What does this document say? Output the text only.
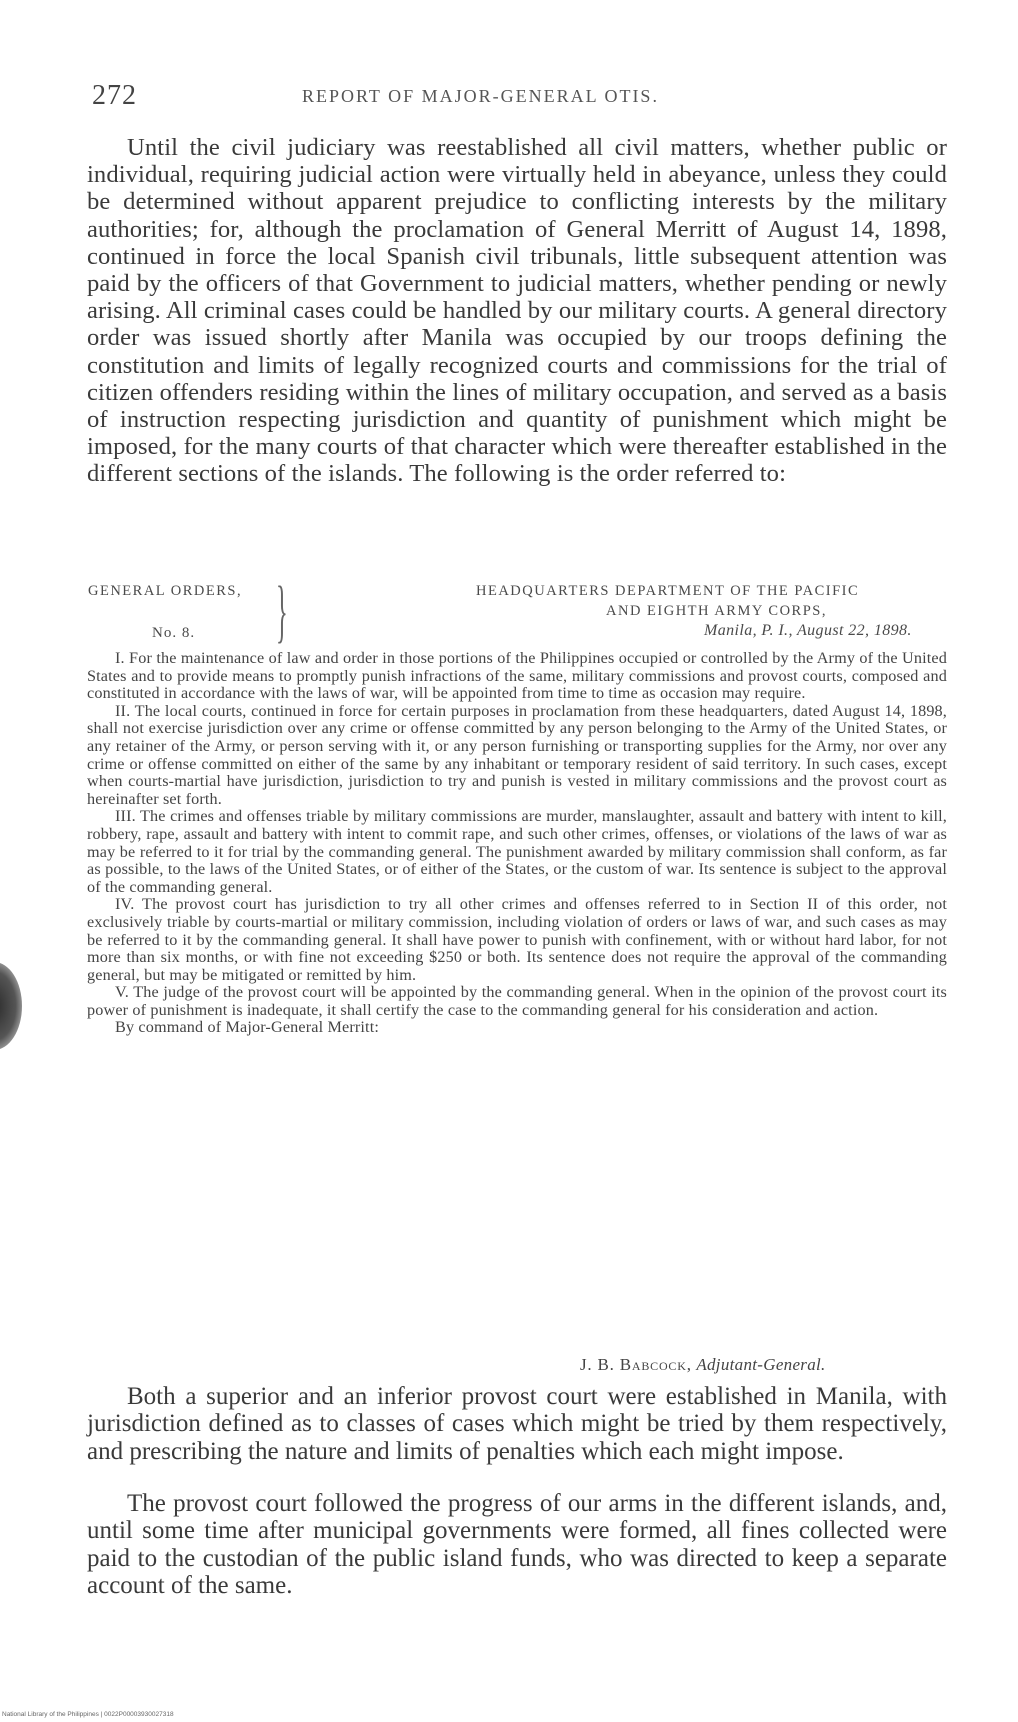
272	REPORT OF MAJOR-GENERAL OTIS.

Until the civil judiciary was reestablished all civil matters, whether public or individual, requiring judicial action were virtually held in abeyance, unless they could be determined without apparent prejudice to conflicting interests by the military authorities; for, although the proclamation of General Merritt of August 14, 1898, continued in force the local Spanish civil tribunals, little subsequent attention was paid by the officers of that Government to judicial matters, whether pending or newly arising. All criminal cases could be handled by our military courts. A general directory order was issued shortly after Manila was occupied by our troops defining the constitution and limits of legally recognized courts and commissions for the trial of citizen offenders residing within the lines of military occupation, and served as a basis of instruction respecting jurisdiction and quantity of punishment which might be imposed, for the many courts of that character which were thereafter established in the different sections of the islands. The following is the order referred to:

GENERAL ORDERS,
No. 8. }	HEADQUARTERS DEPARTMENT OF THE PACIFIC
AND EIGHTH ARMY CORPS,
Manila, P. I., August 22, 1898.

I. For the maintenance of law and order in those portions of the Philippines occupied or controlled by the Army of the United States and to provide means to promptly punish infractions of the same, military commissions and provost courts, composed and constituted in accordance with the laws of war, will be appointed from time to time as occasion may require.

II. The local courts, continued in force for certain purposes in proclamation from these headquarters, dated August 14, 1898, shall not exercise jurisdiction over any crime or offense committed by any person belonging to the Army of the United States, or any retainer of the Army, or person serving with it, or any person furnishing or transporting supplies for the Army, nor over any crime or offense committed on either of the same by any inhabitant or temporary resident of said territory. In such cases, except when courts-martial have jurisdiction, jurisdiction to try and punish is vested in military commissions and the provost court as hereinafter set forth.

III. The crimes and offenses triable by military commissions are murder, manslaughter, assault and battery with intent to kill, robbery, rape, assault and battery with intent to commit rape, and such other crimes, offenses, or violations of the laws of war as may be referred to it for trial by the commanding general. The punishment awarded by military commission shall conform, as far as possible, to the laws of the United States, or of either of the States, or the custom of war. Its sentence is subject to the approval of the commanding general.

IV. The provost court has jurisdiction to try all other crimes and offenses referred to in Section II of this order, not exclusively triable by courts-martial or military commission, including violation of orders or laws of war, and such cases as may be referred to it by the commanding general. It shall have power to punish with confinement, with or without hard labor, for not more than six months, or with fine not exceeding $250 or both. Its sentence does not require the approval of the commanding general, but may be mitigated or remitted by him.

V. The judge of the provost court will be appointed by the commanding general. When in the opinion of the provost court its power of punishment is inadequate, it shall certify the case to the commanding general for his consideration and action.

By command of Major-General Merritt:

J. B. Babcock, Adjutant-General.

Both a superior and an inferior provost court were established in Manila, with jurisdiction defined as to classes of cases which might be tried by them respectively, and prescribing the nature and limits of penalties which each might impose.

The provost court followed the progress of our arms in the different islands, and, until some time after municipal governments were formed, all fines collected were paid to the custodian of the public island funds, who was directed to keep a separate account of the same.

National Library of the Philippines | 0022P00003930027318
